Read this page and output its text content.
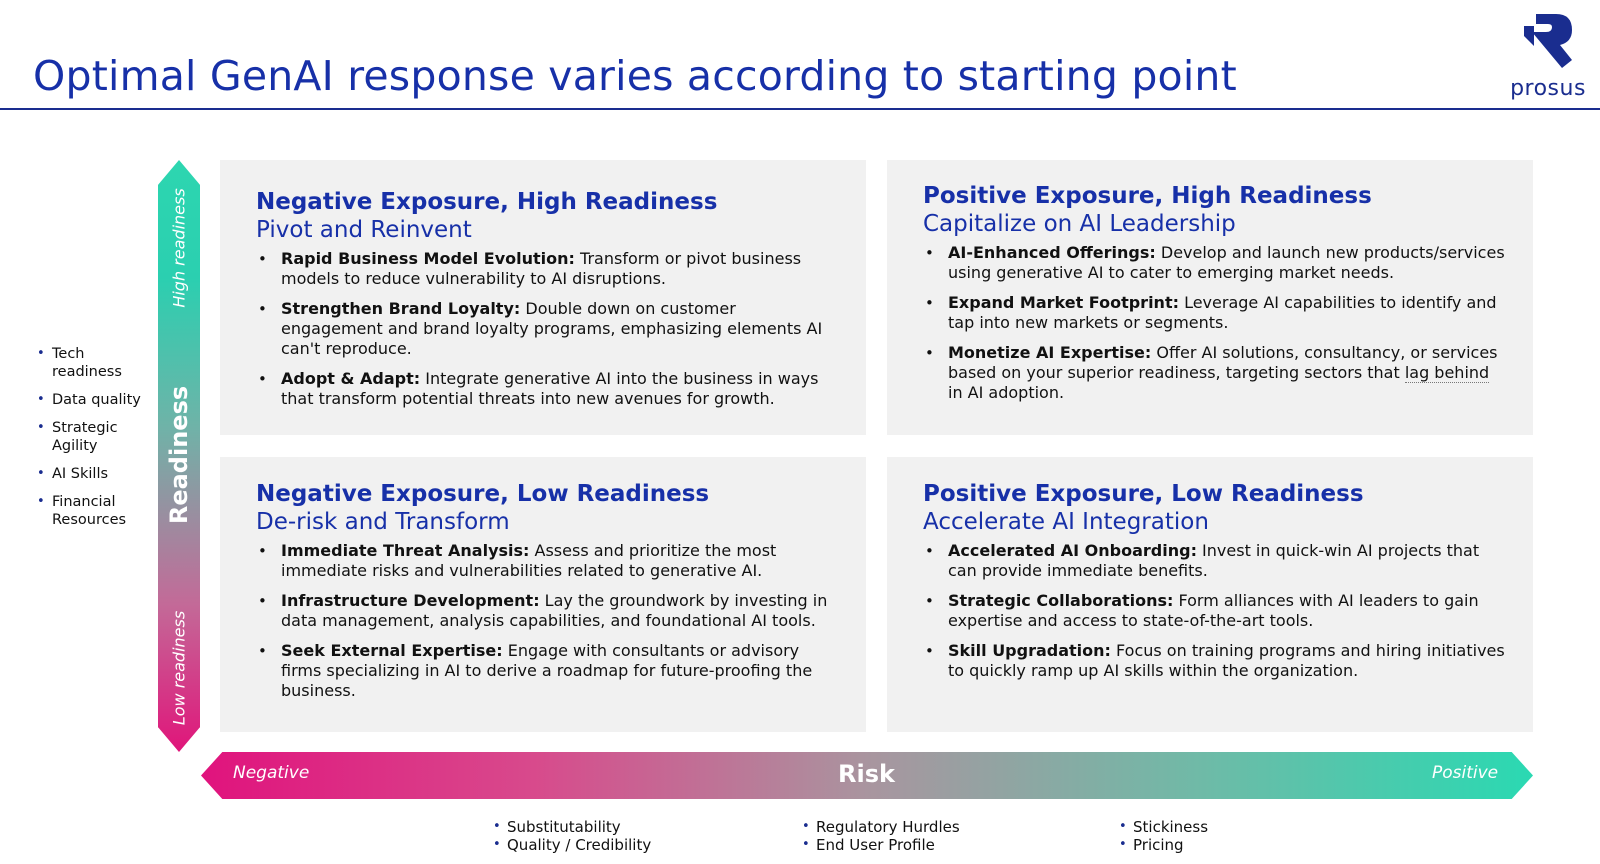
Optimal GenAI response varies according to starting point	prosus
• Tech readiness
• Data quality
• Strategic Agility
• AI Skills
• Financial Resources
High readiness
Readiness
Low readiness
Negative Exposure, High Readiness
Pivot and Reinvent
• Rapid Business Model Evolution: Transform or pivot business models to reduce vulnerability to AI disruptions.
• Strengthen Brand Loyalty: Double down on customer engagement and brand loyalty programs, emphasizing elements AI can't reproduce.
• Adopt & Adapt: Integrate generative AI into the business in ways that transform potential threats into new avenues for growth.
Positive Exposure, High Readiness
Capitalize on AI Leadership
• AI-Enhanced Offerings: Develop and launch new products/services using generative AI to cater to emerging market needs.
• Expand Market Footprint: Leverage AI capabilities to identify and tap into new markets or segments.
• Monetize AI Expertise: Offer AI solutions, consultancy, or services based on your superior readiness, targeting sectors that lag behind in AI adoption.
Negative Exposure, Low Readiness
De-risk and Transform
• Immediate Threat Analysis: Assess and prioritize the most immediate risks and vulnerabilities related to generative AI.
• Infrastructure Development: Lay the groundwork by investing in data management, analysis capabilities, and foundational AI tools.
• Seek External Expertise: Engage with consultants or advisory firms specializing in AI to derive a roadmap for future-proofing the business.
Positive Exposure, Low Readiness
Accelerate AI Integration
• Accelerated AI Onboarding: Invest in quick-win AI projects that can provide immediate benefits.
• Strategic Collaborations: Form alliances with AI leaders to gain expertise and access to state-of-the-art tools.
• Skill Upgradation: Focus on training programs and hiring initiatives to quickly ramp up AI skills within the organization.
Negative	Risk	Positive
• Substitutability
• Quality / Credibility
• Regulatory Hurdles
• End User Profile
• Stickiness
• Pricing
